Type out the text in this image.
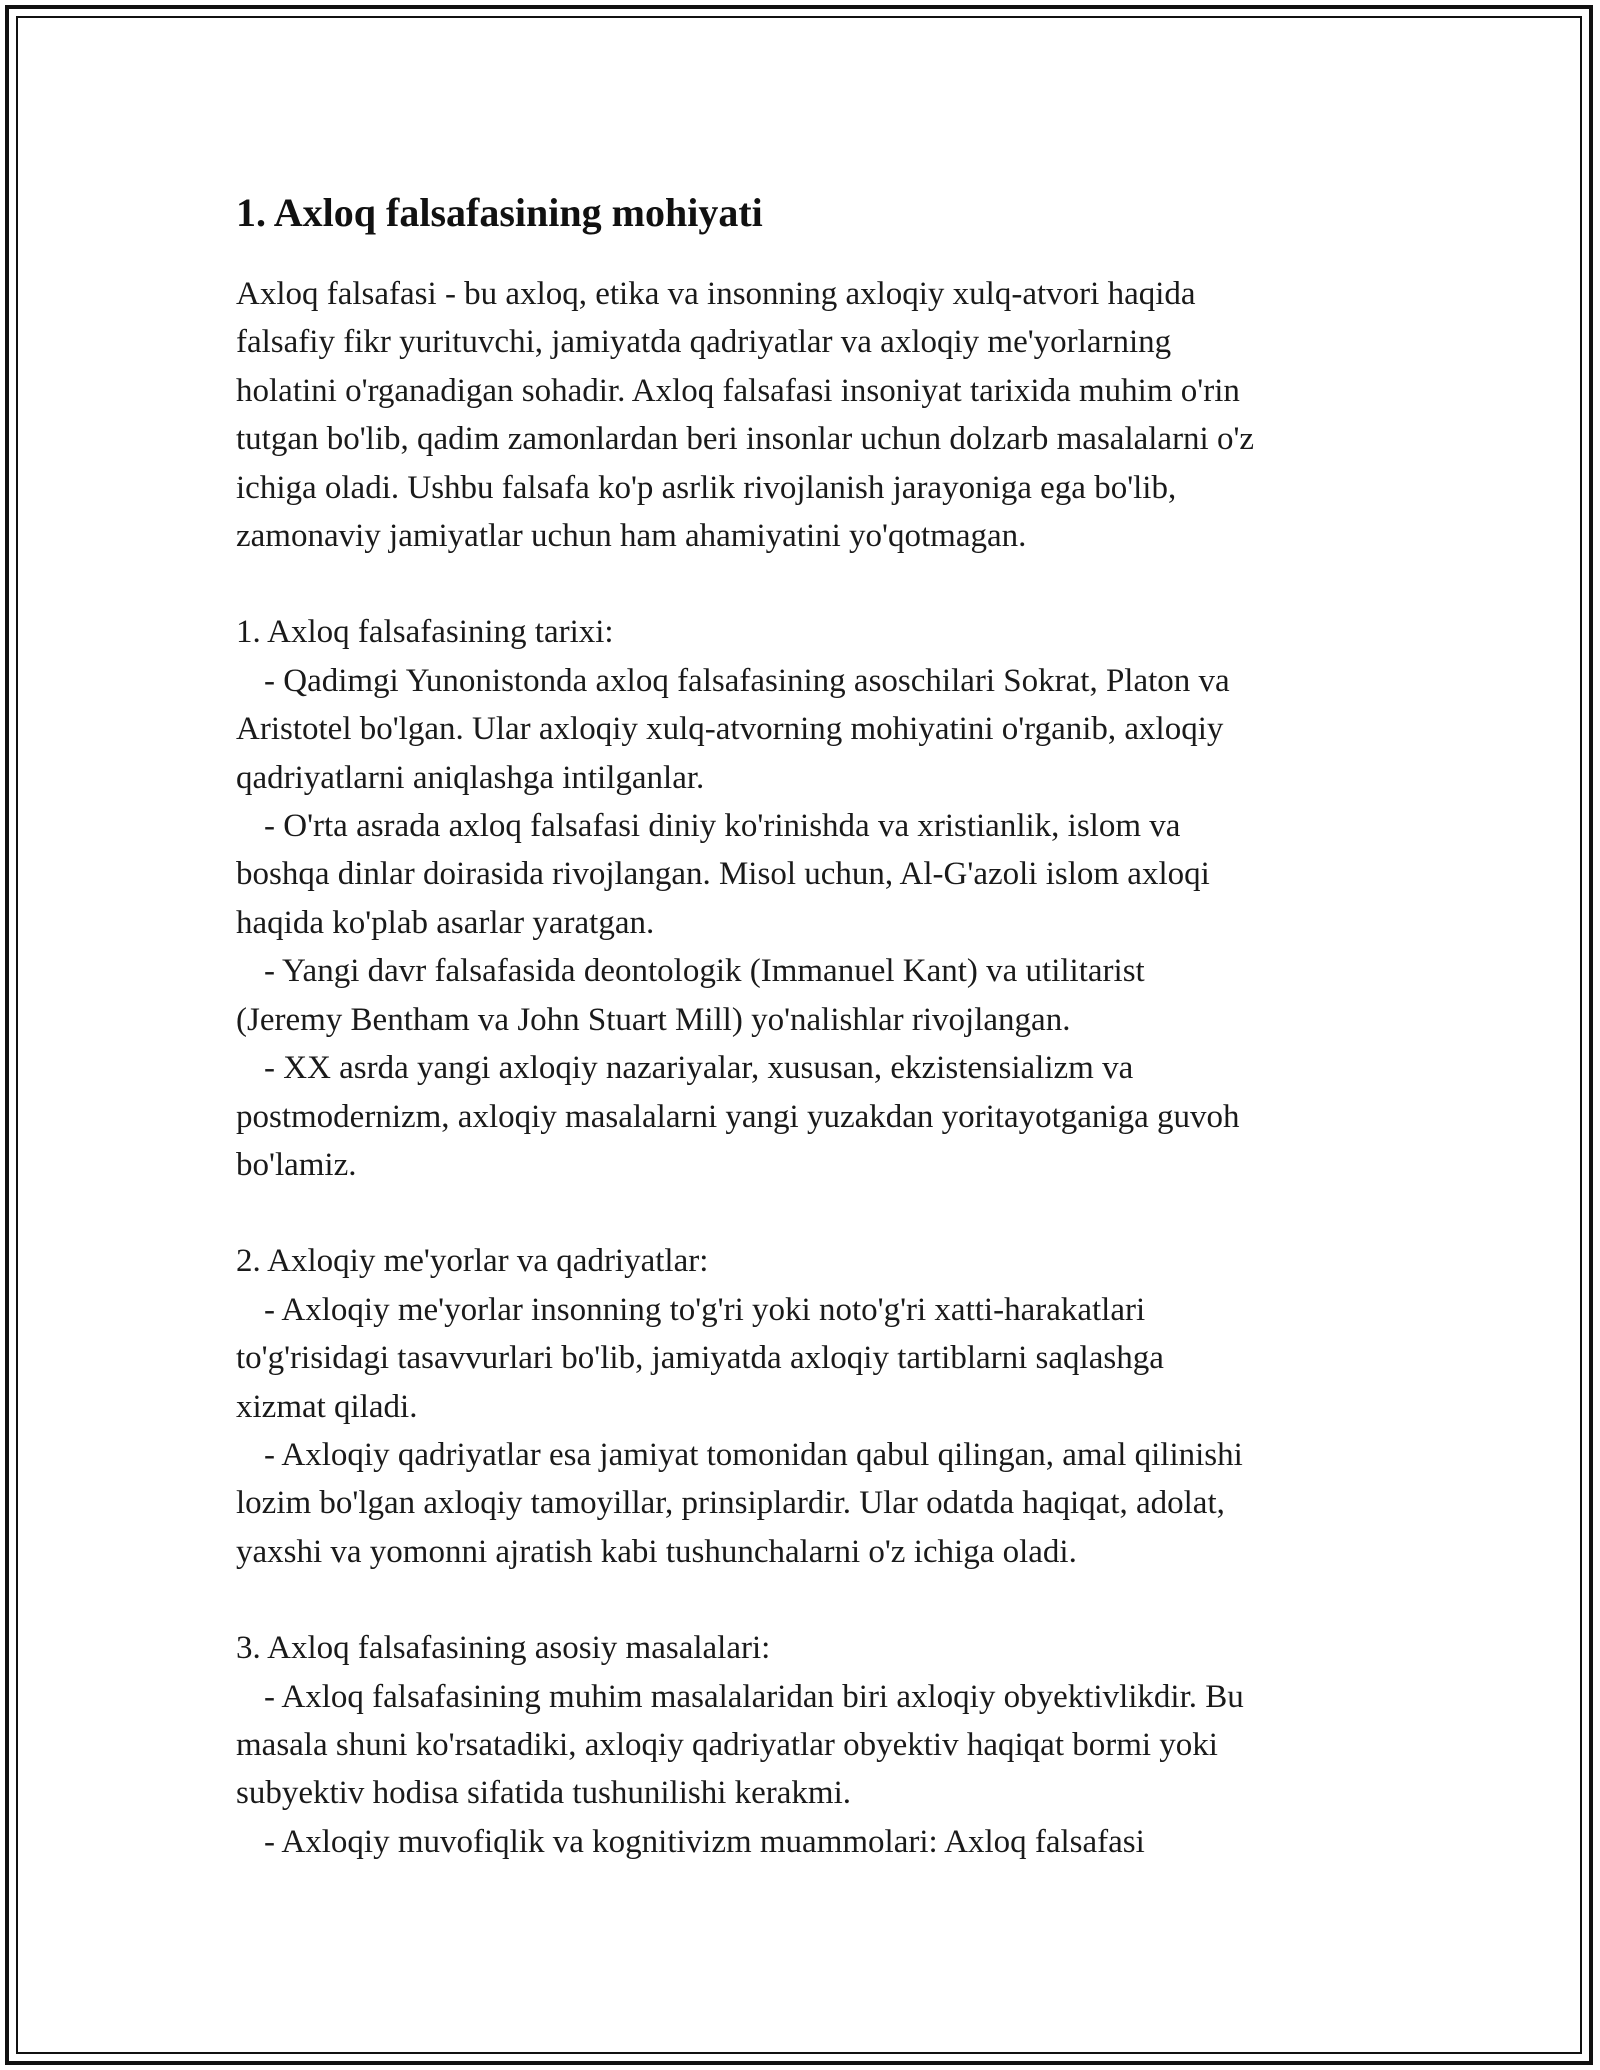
1. Axloq falsafasining mohiyati
Axloq falsafasi - bu axloq, etika va insonning axloqiy xulq-atvori haqida
falsafiy fikr yurituvchi, jamiyatda qadriyatlar va axloqiy me'yorlarning
holatini o'rganadigan sohadir. Axloq falsafasi insoniyat tarixida muhim o'rin
tutgan bo'lib, qadim zamonlardan beri insonlar uchun dolzarb masalalarni o'z
ichiga oladi. Ushbu falsafa ko'p asrlik rivojlanish jarayoniga ega bo'lib,
zamonaviy jamiyatlar uchun ham ahamiyatini yo'qotmagan.
1. Axloq falsafasining tarixi:
- Qadimgi Yunonistonda axloq falsafasining asoschilari Sokrat, Platon va
Aristotel bo'lgan. Ular axloqiy xulq-atvorning mohiyatini o'rganib, axloqiy
qadriyatlarni aniqlashga intilganlar.
- O'rta asrada axloq falsafasi diniy ko'rinishda va xristianlik, islom va
boshqa dinlar doirasida rivojlangan. Misol uchun, Al-G'azoli islom axloqi
haqida ko'plab asarlar yaratgan.
- Yangi davr falsafasida deontologik (Immanuel Kant) va utilitarist
(Jeremy Bentham va John Stuart Mill) yo'nalishlar rivojlangan.
- XX asrda yangi axloqiy nazariyalar, xususan, ekzistensializm va
postmodernizm, axloqiy masalalarni yangi yuzakdan yoritayotganiga guvoh
bo'lamiz.
2. Axloqiy me'yorlar va qadriyatlar:
- Axloqiy me'yorlar insonning to'g'ri yoki noto'g'ri xatti-harakatlari
to'g'risidagi tasavvurlari bo'lib, jamiyatda axloqiy tartiblarni saqlashga
xizmat qiladi.
- Axloqiy qadriyatlar esa jamiyat tomonidan qabul qilingan, amal qilinishi
lozim bo'lgan axloqiy tamoyillar, prinsiplardir. Ular odatda haqiqat, adolat,
yaxshi va yomonni ajratish kabi tushunchalarni o'z ichiga oladi.
3. Axloq falsafasining asosiy masalalari:
- Axloq falsafasining muhim masalalaridan biri axloqiy obyektivlikdir. Bu
masala shuni ko'rsatadiki, axloqiy qadriyatlar obyektiv haqiqat bormi yoki
subyektiv hodisa sifatida tushunilishi kerakmi.
- Axloqiy muvofiqlik va kognitivizm muammolari: Axloq falsafasi
